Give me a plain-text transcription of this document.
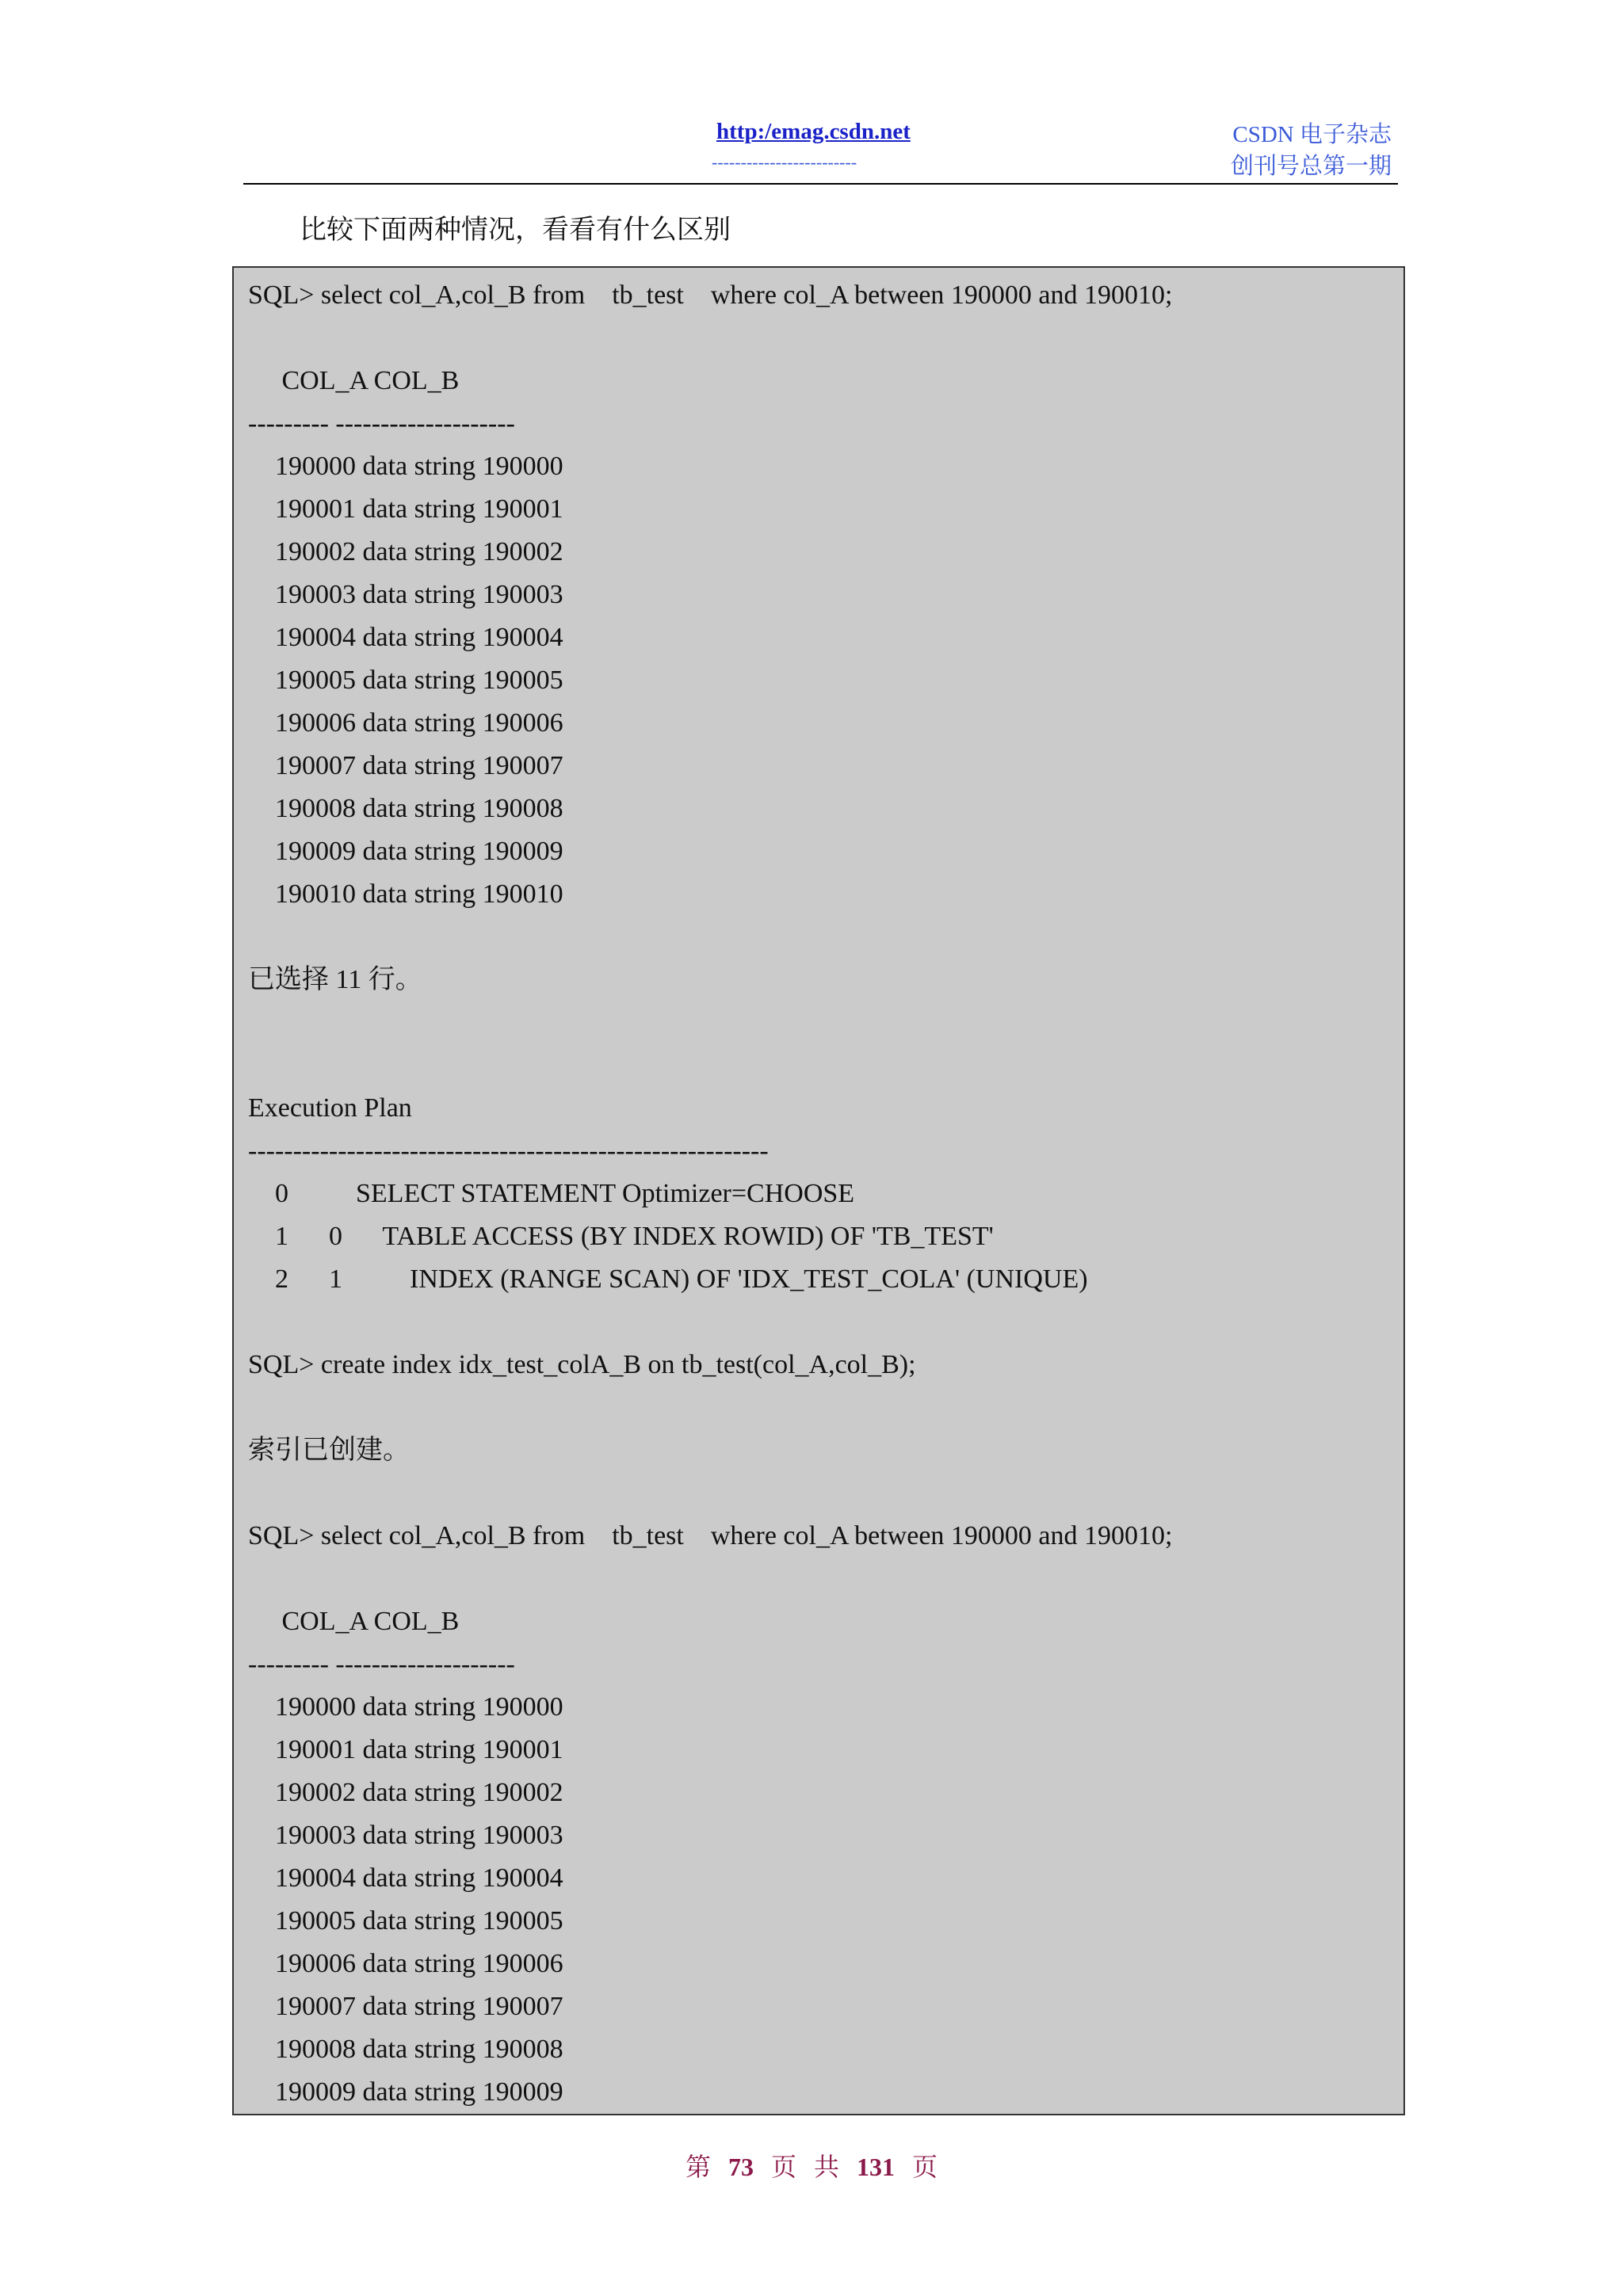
http:/emag.csdn.net
-------------------------
CSDN 电子杂志
创刊号总第一期
比较下面两种情况，看看有什么区别
SQL> select col_A,col_B from    tb_test    where col_A between 190000 and 190010;
COL_A COL_B
--------- --------------------
190000 data string 190000
190001 data string 190001
190002 data string 190002
190003 data string 190003
190004 data string 190004
190005 data string 190005
190006 data string 190006
190007 data string 190007
190008 data string 190008
190009 data string 190009
190010 data string 190010
已选择 11 行。
Execution Plan
----------------------------------------------------------
0          SELECT STATEMENT Optimizer=CHOOSE
1      0      TABLE ACCESS (BY INDEX ROWID) OF 'TB_TEST'
2      1          INDEX (RANGE SCAN) OF 'IDX_TEST_COLA' (UNIQUE)
SQL> create index idx_test_colA_B on tb_test(col_A,col_B);
索引已创建。
SQL> select col_A,col_B from    tb_test    where col_A between 190000 and 190010;
COL_A COL_B
--------- --------------------
190000 data string 190000
190001 data string 190001
190002 data string 190002
190003 data string 190003
190004 data string 190004
190005 data string 190005
190006 data string 190006
190007 data string 190007
190008 data string 190008
190009 data string 190009
第 73 页 共 131 页
